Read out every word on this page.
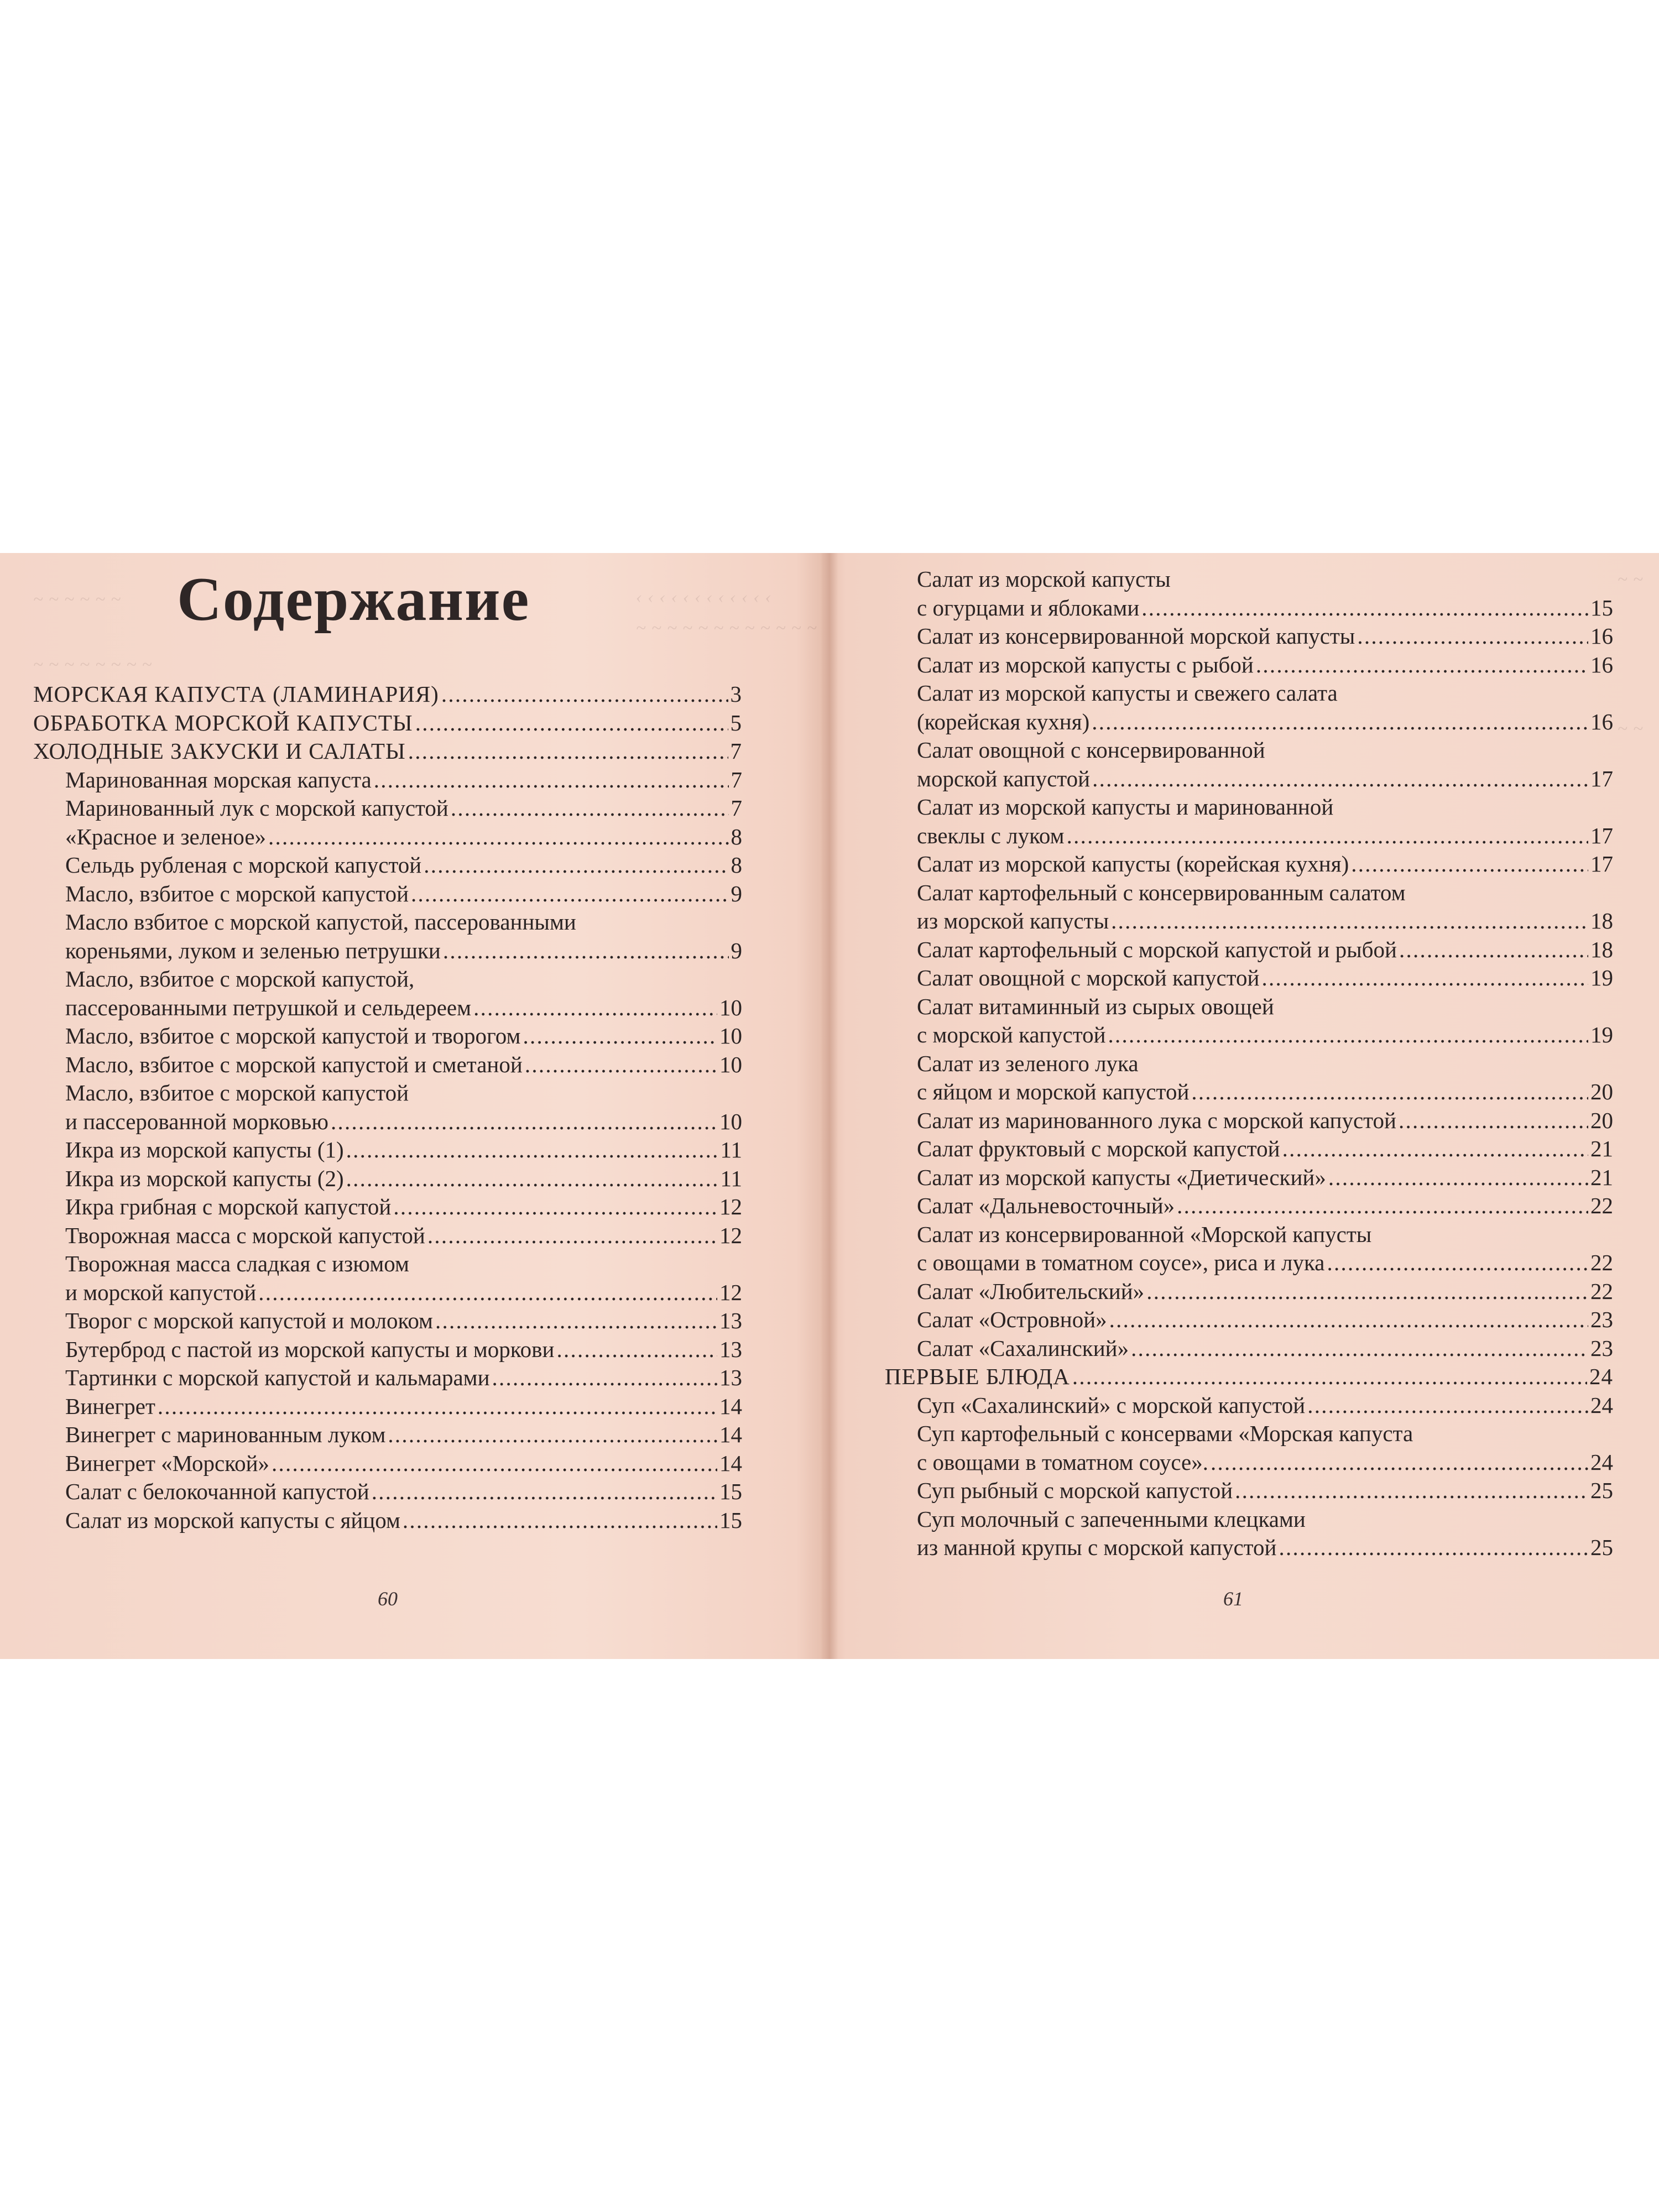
‹ ‹ ‹ ‹ ‹ ‹ ‹ ‹ ‹ ‹ ‹ ‹
~ ~ ~ ~ ~ ~ ~ ~ ~ ~ ~ ~
~ ~ ~ ~ ~ ~
~ ~ ~ ~ ~ ~ ~ ~
Содержание
МОРСКАЯ КАПУСТА (ЛАМИНАРИЯ) . . .	3
ОБРАБОТКА МОРСКОЙ КАПУСТЫ . . .	5
ХОЛОДНЫЕ ЗАКУСКИ И САЛАТЫ . . .	7
Маринованная морская капуста . . .	7
Маринованный лук с морской капустой . . .	7
«Красное и зеленое» . . .	8
Сельдь рубленая с морской капустой . . .	8
Масло, взбитое с морской капустой . . .	9
Масло взбитое с морской капустой, пассерованными
кореньями, луком и зеленью петрушки . . .	9
Масло, взбитое с морской капустой,
пассерованными петрушкой и сельдереем . . .	10
Масло, взбитое с морской капустой и творогом . . .	10
Масло, взбитое с морской капустой и сметаной . . .	10
Масло, взбитое с морской капустой
и пассерованной морковью . . .	10
Икра из морской капусты (1) . . .	11
Икра из морской капусты (2) . . .	11
Икра грибная с морской капустой . . .	12
Творожная масса с морской капустой . . .	12
Творожная масса сладкая с изюмом
и морской капустой . . .	12
Творог с морской капустой и молоком . . .	13
Бутерброд с пастой из морской капусты и моркови . . .	13
Тартинки с морской капустой и кальмарами . . .	13
Винегрет . . .	14
Винегрет с маринованным луком . . .	14
Винегрет «Морской» . . .	14
Салат с белокочанной капустой . . .	15
Салат из морской капусты с яйцом . . .	15
60
~ ~
~ ~
Салат из морской капусты
с огурцами и яблоками . . .	15
Салат из консервированной морской капусты . . .	16
Салат из морской капусты с рыбой . . .	16
Салат из морской капусты и свежего салата
(корейская кухня) . . .	16
Салат овощной с консервированной
морской капустой . . .	17
Салат из морской капусты и маринованной
свеклы с луком . . .	17
Салат из морской капусты (корейская кухня) . . .	17
Салат картофельный с консервированным салатом
из морской капусты . . .	18
Салат картофельный с морской капустой и рыбой . . .	18
Салат овощной с морской капустой . . .	19
Салат витаминный из сырых овощей
с морской капустой . . .	19
Салат из зеленого лука
с яйцом и морской капустой . . .	20
Салат из маринованного лука с морской капустой . . .	20
Салат фруктовый с морской капустой . . .	21
Салат из морской капусты «Диетический» . . .	21
Салат «Дальневосточный» . . .	22
Салат из консервированной «Морской капусты
с овощами в томатном соусе», риса и лука . . .	22
Салат «Любительский» . . .	22
Салат «Островной» . . .	23
Салат «Сахалинский» . . .	23
ПЕРВЫЕ БЛЮДА . . .	24
Суп «Сахалинский» с морской капустой . . .	24
Суп картофельный с консервами «Морская капуста
с овощами в томатном соусе». . . .	24
Суп рыбный с морской капустой . . .	25
Суп молочный с запеченными клецками
из манной крупы с морской капустой . . .	25
61
